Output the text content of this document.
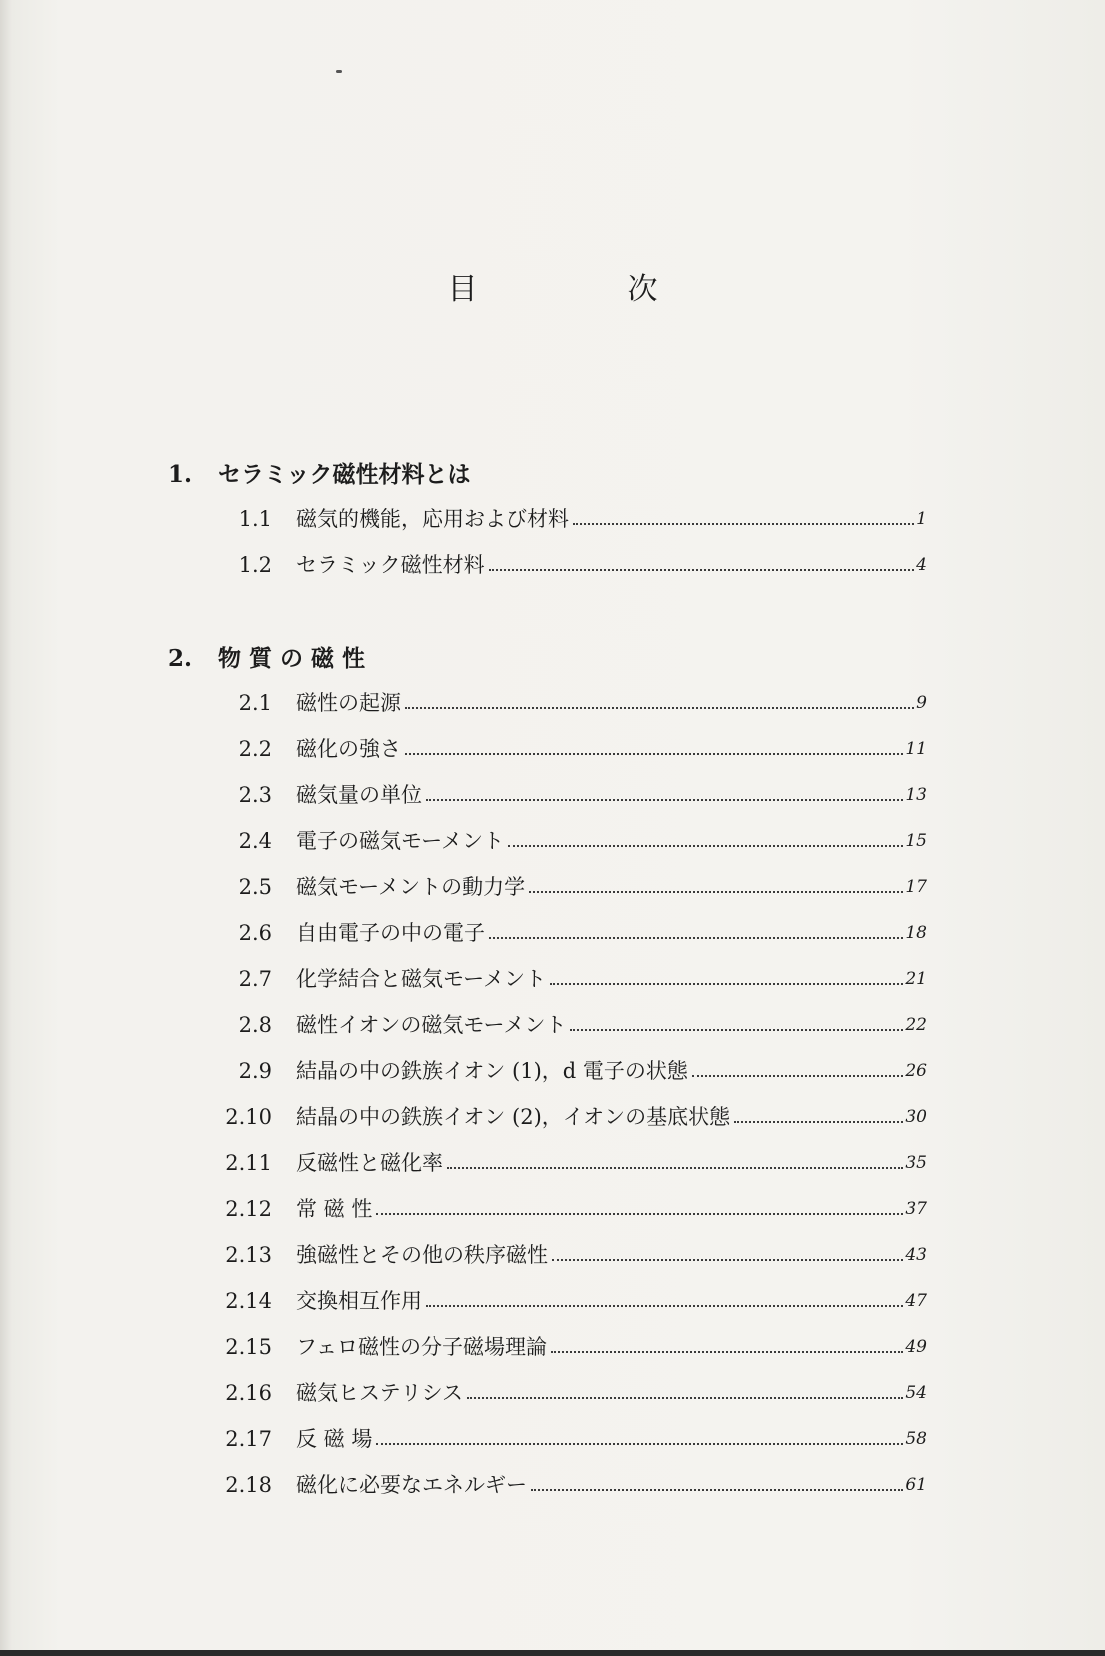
目　次
1. セラミック磁性材料とは
1.1	磁気的機能，応用および材料	1
1.2	セラミック磁性材料	4
2. 物 質 の 磁 性
2.1	磁性の起源	9
2.2	磁化の強さ	11
2.3	磁気量の単位	13
2.4	電子の磁気モーメント	15
2.5	磁気モーメントの動力学	17
2.6	自由電子の中の電子	18
2.7	化学結合と磁気モーメント	21
2.8	磁性イオンの磁気モーメント	22
2.9	結晶の中の鉄族イオン (1)，d 電子の状態	26
2.10	結晶の中の鉄族イオン (2)，イオンの基底状態	30
2.11	反磁性と磁化率	35
2.12	常 磁 性	37
2.13	強磁性とその他の秩序磁性	43
2.14	交換相互作用	47
2.15	フェロ磁性の分子磁場理論	49
2.16	磁気ヒステリシス	54
2.17	反 磁 場	58
2.18	磁化に必要なエネルギー	61
